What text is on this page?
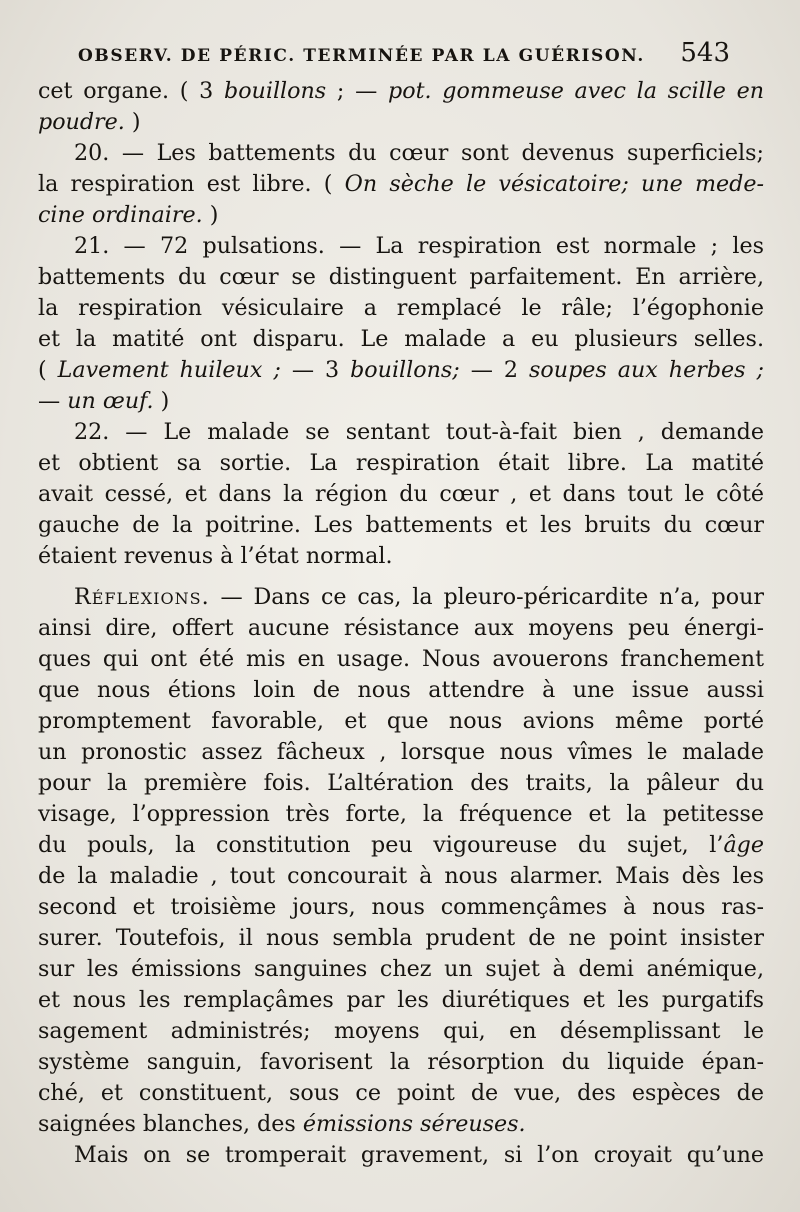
OBSERV. DE PÉRIC. TERMINÉE PAR LA GUÉRISON. 543
cet organe. ( 3 bouillons ; — pot. gommeuse avec la scille en
poudre. )
20. — Les battements du cœur sont devenus superficiels;
la respiration est libre. ( On sèche le vésicatoire; une mede-
cine ordinaire. )
21. — 72 pulsations. — La respiration est normale ; les
battements du cœur se distinguent parfaitement. En arrière,
la respiration vésiculaire a remplacé le râle; l’égophonie
et la matité ont disparu. Le malade a eu plusieurs selles.
( Lavement huileux ; — 3 bouillons; — 2 soupes aux herbes ;
— un œuf. )
22. — Le malade se sentant tout-à-fait bien , demande
et obtient sa sortie. La respiration était libre. La matité
avait cessé, et dans la région du cœur , et dans tout le côté
gauche de la poitrine. Les battements et les bruits du cœur
étaient revenus à l’état normal.
Réflexions. — Dans ce cas, la pleuro-péricardite n’a, pour
ainsi dire, offert aucune résistance aux moyens peu énergi-
ques qui ont été mis en usage. Nous avouerons franchement
que nous étions loin de nous attendre à une issue aussi
promptement favorable, et que nous avions même porté
un pronostic assez fâcheux , lorsque nous vîmes le malade
pour la première fois. L’altération des traits, la pâleur du
visage, l’oppression très forte, la fréquence et la petitesse
du pouls, la constitution peu vigoureuse du sujet, l’âge
de la maladie , tout concourait à nous alarmer. Mais dès les
second et troisième jours, nous commençâmes à nous ras-
surer. Toutefois, il nous sembla prudent de ne point insister
sur les émissions sanguines chez un sujet à demi anémique,
et nous les remplaçâmes par les diurétiques et les purgatifs
sagement administrés; moyens qui, en désemplissant le
système sanguin, favorisent la résorption du liquide épan-
ché, et constituent, sous ce point de vue, des espèces de
saignées blanches, des émissions séreuses.
Mais on se tromperait gravement, si l’on croyait qu’une
